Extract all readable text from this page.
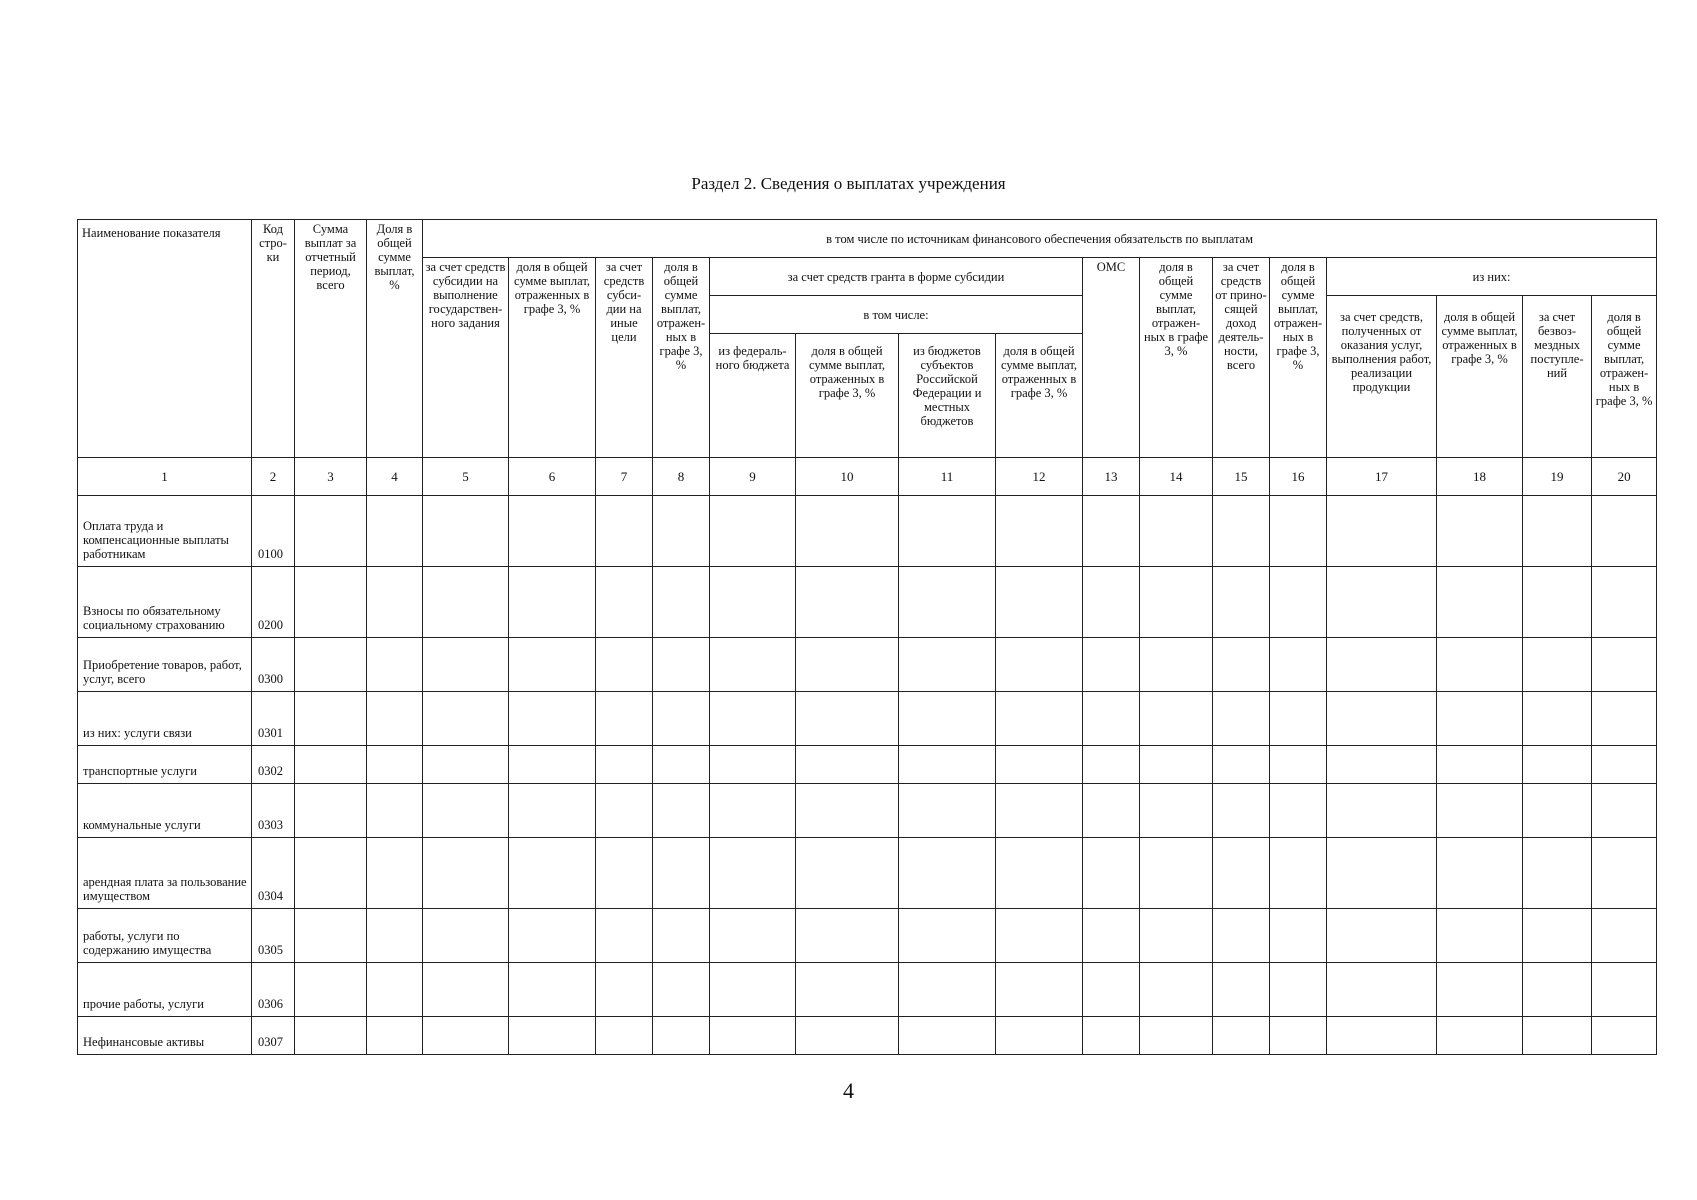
Раздел 2. Сведения о выплатах учреждения
Наименование показателя	Код стро- ки	Сумма выплат за отчетный период, всего	Доля в общей сумме выплат, %	в том числе по источникам финансового обеспечения обязательств по выплатам															
				за счет средств субсидии на выполнение государствен- ного задания	доля в общей сумме выплат, отраженных в графе 3, %	за счет средств субси- дии на иные цели	доля в общей сумме выплат, отражен- ных в графе 3, %	за счет средств гранта в форме субсидии				ОМС	доля в общей сумме выплат, отражен- ных в графе 3, %	за счет средств от прино- сящей доход деятель- ности, всего	доля в общей сумме выплат, отражен- ных в графе 3, %	из них:			
								в том числе:								за счет средств, полученных от оказания услуг, выполнения работ, реализации продукции	доля в общей сумме выплат, отраженных в графе 3, %	за счет безвоз- мездных поступле- ний	доля в общей сумме выплат, отражен- ных в графе 3, %
								из федераль- ного бюджета	доля в общей сумме выплат, отраженных в графе 3, %	из бюджетов субъектов Российской Федерации и местных бюджетов	доля в общей сумме выплат, отраженных в графе 3, %								
1	2	3	4	5	6	7	8	9	10	11	12	13	14	15	16	17	18	19	20
Оплата труда и компенсационные выплаты работникам	0100																		
Взносы по обязательному социальному страхованию	0200																		
Приобретение товаров, работ, услуг, всего	0300																		
из них: услуги связи	0301																		
транспортные услуги	0302																		
коммунальные услуги	0303																		
арендная плата за пользование имуществом	0304																		
работы, услуги по содержанию имущества	0305																		
прочие работы, услуги	0306																		
Нефинансовые активы	0307																		
4
